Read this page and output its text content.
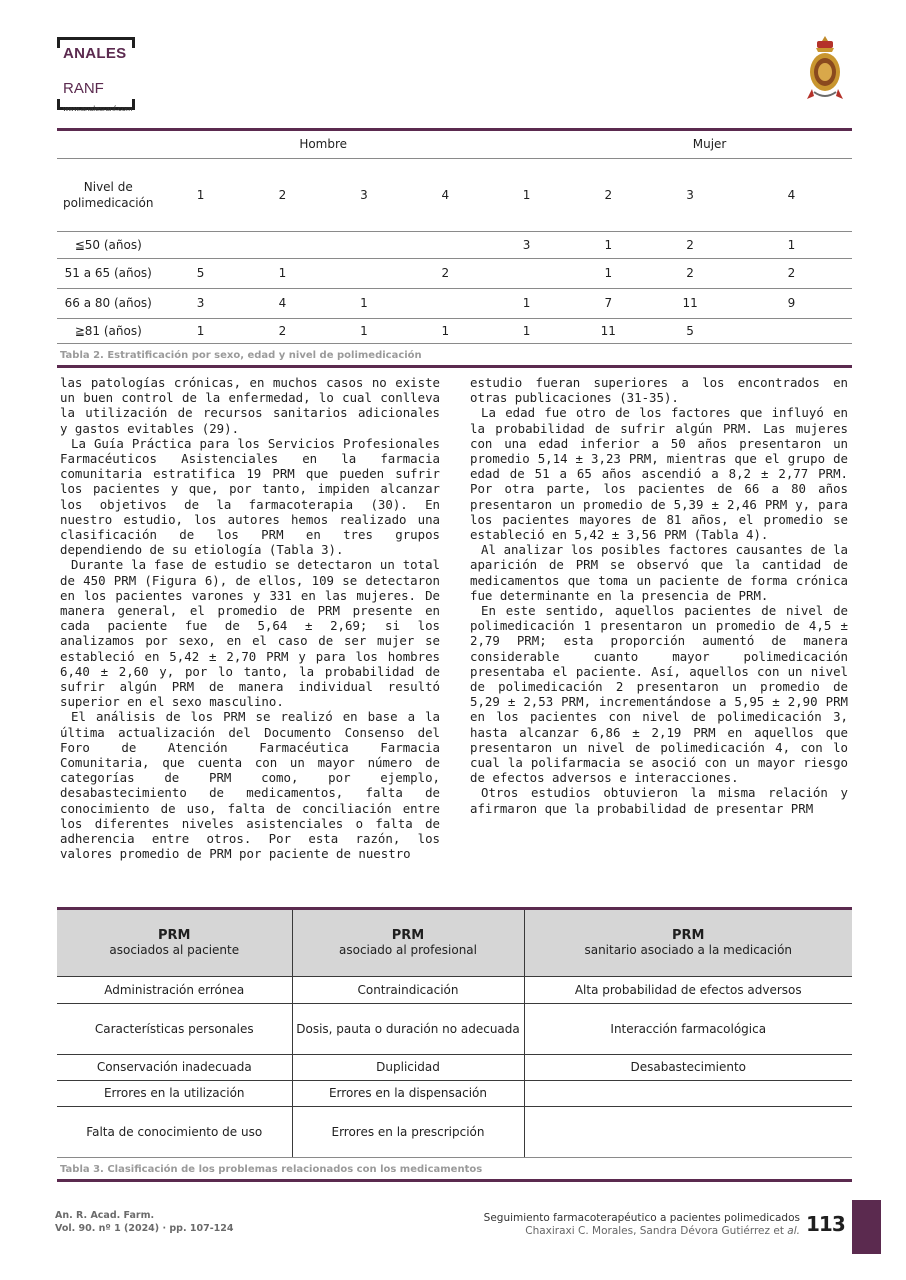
ANALES
RANF
www.analesranf.com
		Hombre				Mujer		
Nivel de polimedicación	1	2	3	4	1	2	3	4
≦50 (años)					3	1	2	1
51 a 65 (años)	5	1		2		1	2	2
66 a 80 (años)	3	4	1		1	7	11	9
≧81 (años)	1	2	1	1	1	11	5	
Tabla 2. Estratificación por sexo, edad y nivel de polimedicación

las patologías crónicas, en muchos casos no existe un buen control de la enfermedad, lo cual conlleva la utilización de recursos sanitarios adicionales y gastos evitables (29).

La Guía Práctica para los Servicios Profesionales Farmacéuticos Asistenciales en la farmacia comunitaria estratifica 19 PRM que pueden sufrir los pacientes y que, por tanto, impiden alcanzar los objetivos de la farmacoterapia (30). En nuestro estudio, los autores hemos realizado una clasificación de los PRM en tres grupos dependiendo de su etiología (Tabla 3).

Durante la fase de estudio se detectaron un total de 450 PRM (Figura 6), de ellos, 109 se detectaron en los pacientes varones y 331 en las mujeres. De manera general, el promedio de PRM presente en cada paciente fue de 5,64 ± 2,69; si los analizamos por sexo, en el caso de ser mujer se estableció en 5,42 ± 2,70 PRM y para los hombres 6,40 ± 2,60 y, por lo tanto, la probabilidad de sufrir algún PRM de manera individual resultó superior en el sexo masculino.

El análisis de los PRM se realizó en base a la última actualización del Documento Consenso del Foro de Atención Farmacéutica Farmacia Comunitaria, que cuenta con un mayor número de categorías de PRM como, por ejemplo, desabastecimiento de medicamentos, falta de conocimiento de uso, falta de conciliación entre los diferentes niveles asistenciales o falta de adherencia entre otros. Por esta razón, los valores promedio de PRM por paciente de nuestro

estudio fueran superiores a los encontrados en otras publicaciones (31-35).

La edad fue otro de los factores que influyó en la probabilidad de sufrir algún PRM. Las mujeres con una edad inferior a 50 años presentaron un promedio 5,14 ± 3,23 PRM, mientras que el grupo de edad de 51 a 65 años ascendió a 8,2 ± 2,77 PRM. Por otra parte, los pacientes de 66 a 80 años presentaron un promedio de 5,39 ± 2,46 PRM y, para los pacientes mayores de 81 años, el promedio se estableció en 5,42 ± 3,56 PRM (Tabla 4).

Al analizar los posibles factores causantes de la aparición de PRM se observó que la cantidad de medicamentos que toma un paciente de forma crónica fue determinante en la presencia de PRM.

En este sentido, aquellos pacientes de nivel de polimedicación 1 presentaron un promedio de 4,5 ± 2,79 PRM; esta proporción aumentó de manera considerable cuanto mayor polimedicación presentaba el paciente. Así, aquellos con un nivel de polimedicación 2 presentaron un promedio de 5,29 ± 2,53 PRM, incrementándose a 5,95 ± 2,90 PRM en los pacientes con nivel de polimedicación 3, hasta alcanzar 6,86 ± 2,19 PRM en aquellos que presentaron un nivel de polimedicación 4, con lo cual la polifarmacia se asoció con un mayor riesgo de efectos adversos e interacciones.

Otros estudios obtuvieron la misma relación y afirmaron que la probabilidad de presentar PRM

PRM
asociados al paciente	PRM
asociado al profesional	PRM
sanitario asociado a la medicación

Administración errónea	Contraindicación	Alta probabilidad de efectos adversos
Características personales	Dosis, pauta o duración no adecuada	Interacción farmacológica
Conservación inadecuada	Duplicidad	Desabastecimiento
Errores en la utilización	Errores en la dispensación	
Falta de conocimiento de uso	Errores en la prescripción	
Tabla 3. Clasificación de los problemas relacionados con los medicamentos
An. R. Acad. Farm.
Vol. 90. nº 1 (2024) · pp. 107-124
Seguimiento farmacoterapéutico a pacientes polimedicados
Chaxiraxi C. Morales, Sandra Dévora Gutiérrez et al. 113
